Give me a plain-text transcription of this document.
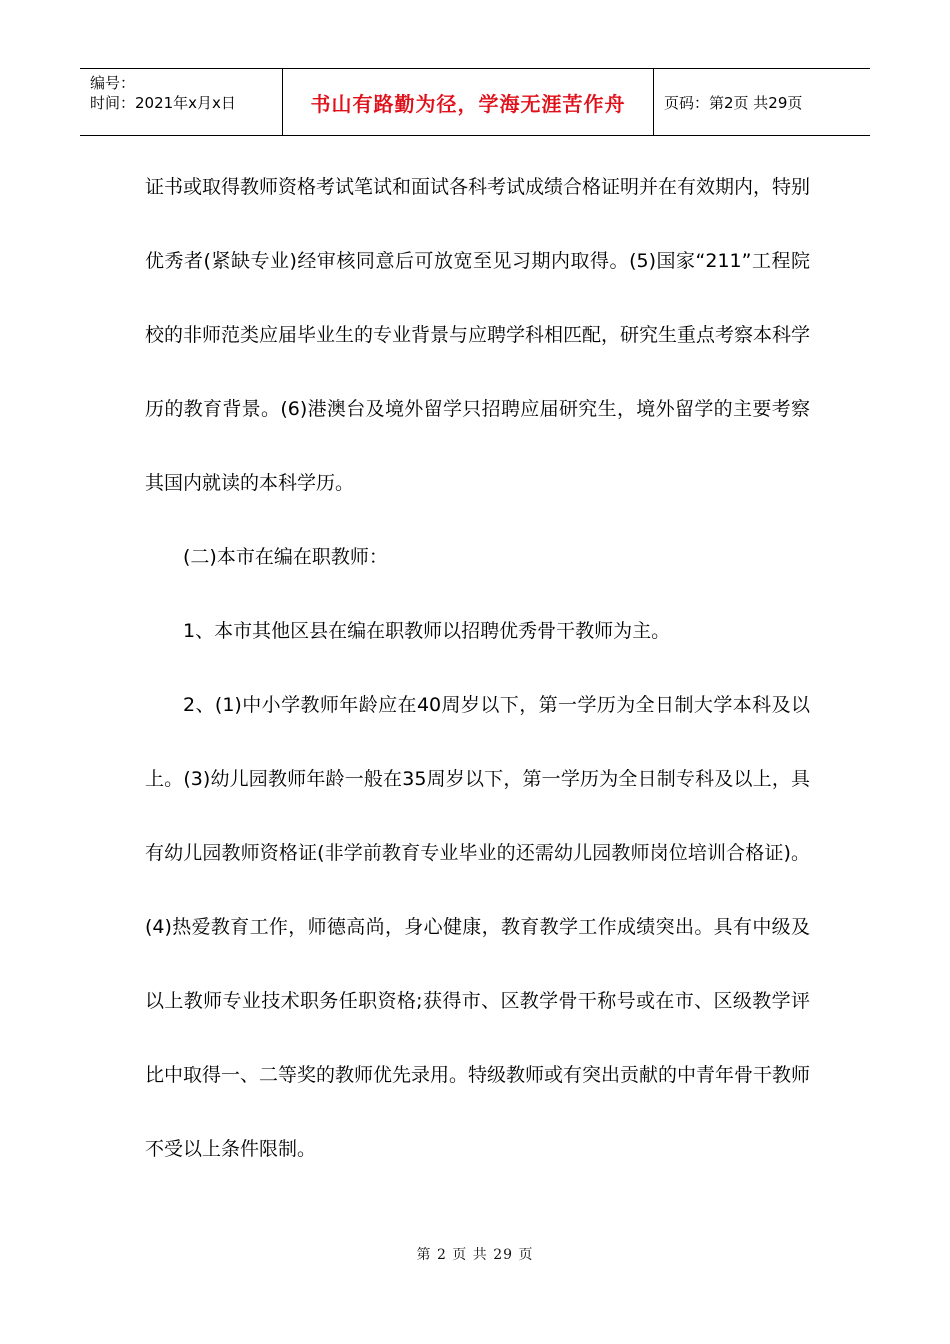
编号：
时间：2021年x月x日	书山有路勤为径，学海无涯苦作舟	页码：第2页 共29页

证书或取得教师资格考试笔试和面试各科考试成绩合格证明并在有效期内，特别优秀者(紧缺专业)经审核同意后可放宽至见习期内取得。(5)国家“211”工程院校的非师范类应届毕业生的专业背景与应聘学科相匹配，研究生重点考察本科学历的教育背景。(6)港澳台及境外留学只招聘应届研究生，境外留学的主要考察其国内就读的本科学历。

(二)本市在编在职教师：

1、本市其他区县在编在职教师以招聘优秀骨干教师为主。

2、(1)中小学教师年龄应在40周岁以下，第一学历为全日制大学本科及以上。(3)幼儿园教师年龄一般在35周岁以下，第一学历为全日制专科及以上，具有幼儿园教师资格证(非学前教育专业毕业的还需幼儿园教师岗位培训合格证)。(4)热爱教育工作，师德高尚，身心健康，教育教学工作成绩突出。具有中级及以上教师专业技术职务任职资格;获得市、区教学骨干称号或在市、区级教学评比中取得一、二等奖的教师优先录用。特级教师或有突出贡献的中青年骨干教师不受以上条件限制。

第 2 页 共 29 页
